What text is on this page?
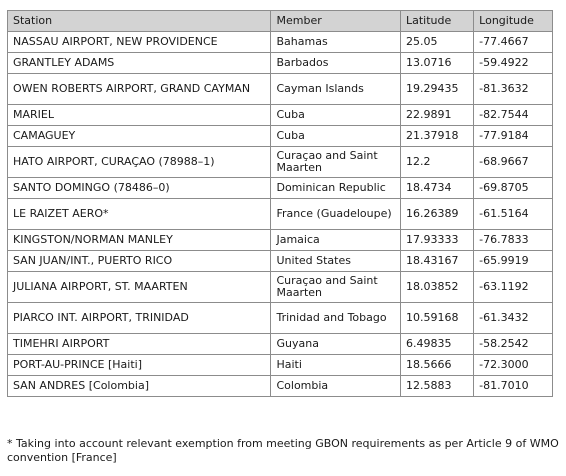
Station	Member	Latitude	Longitude
NASSAU AIRPORT, NEW PROVIDENCE	Bahamas	25.05	-77.4667
GRANTLEY ADAMS	Barbados	13.0716	-59.4922
OWEN ROBERTS AIRPORT, GRAND CAYMAN	Cayman Islands	19.29435	-81.3632
MARIEL	Cuba	22.9891	-82.7544
CAMAGUEY	Cuba	21.37918	-77.9184
HATO AIRPORT, CURAÇAO (78988–1)	Curaçao and Saint Maarten	12.2	-68.9667
SANTO DOMINGO (78486–0)	Dominican Republic	18.4734	-69.8705
LE RAIZET AERO*	France (Guadeloupe)	16.26389	-61.5164
KINGSTON/NORMAN MANLEY	Jamaica	17.93333	-76.7833
SAN JUAN/INT., PUERTO RICO	United States	18.43167	-65.9919
JULIANA AIRPORT, ST. MAARTEN	Curaçao and Saint Maarten	18.03852	-63.1192
PIARCO INT. AIRPORT, TRINIDAD	Trinidad and Tobago	10.59168	-61.3432
TIMEHRI AIRPORT	Guyana	6.49835	-58.2542
PORT-AU-PRINCE [Haiti]	Haiti	18.5666	-72.3000
SAN ANDRES [Colombia]	Colombia	12.5883	-81.7010
* Taking into account relevant exemption from meeting GBON requirements as per Article 9 of WMO convention [France]
